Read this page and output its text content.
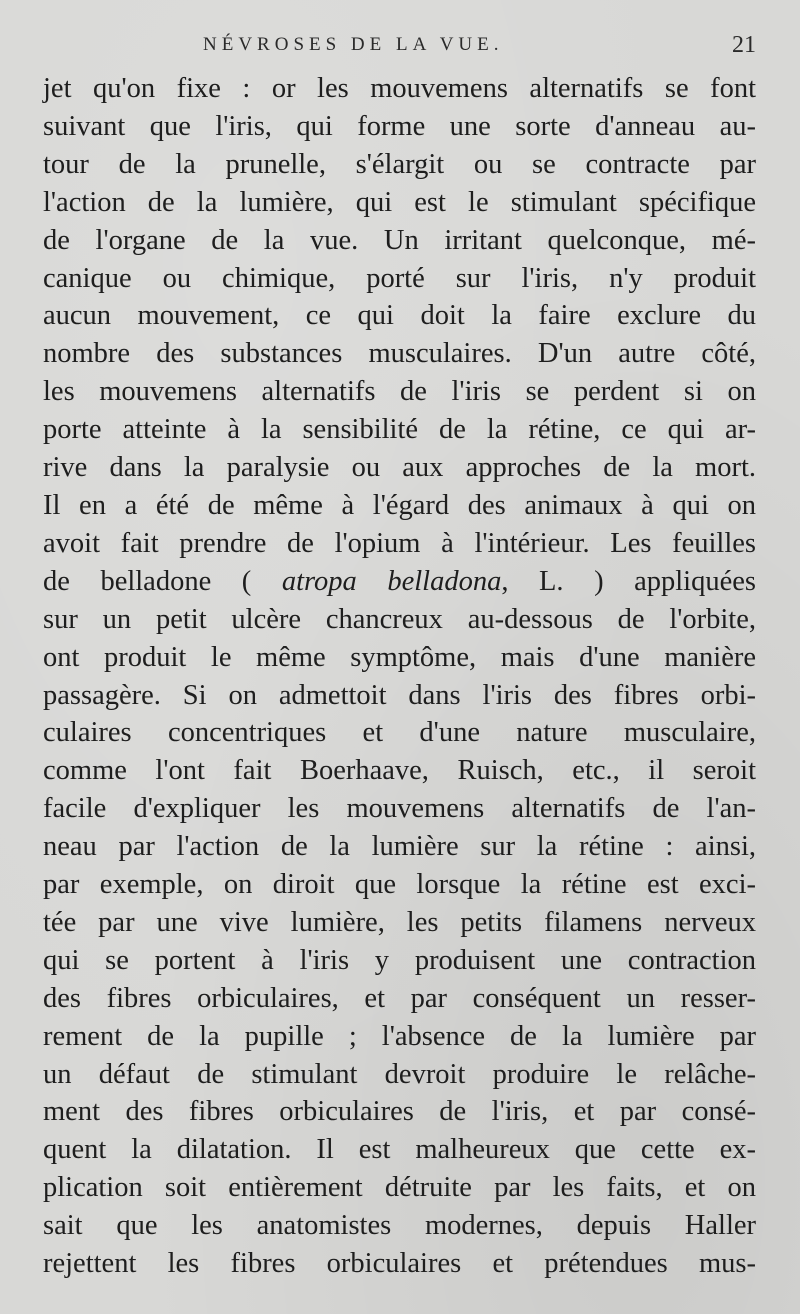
NÉVROSES DE LA VUE.	21
jet qu'on fixe : or les mouvemens alternatifs se font
suivant que l'iris, qui forme une sorte d'anneau au-
tour de la prunelle, s'élargit ou se contracte par
l'action de la lumière, qui est le stimulant spécifique
de l'organe de la vue. Un irritant quelconque, mé-
canique ou chimique, porté sur l'iris, n'y produit
aucun mouvement, ce qui doit la faire exclure du
nombre des substances musculaires. D'un autre côté,
les mouvemens alternatifs de l'iris se perdent si on
porte atteinte à la sensibilité de la rétine, ce qui ar-
rive dans la paralysie ou aux approches de la mort.
Il en a été de même à l'égard des animaux à qui on
avoit fait prendre de l'opium à l'intérieur. Les feuilles
de belladone ( atropa belladona, L. ) appliquées
sur un petit ulcère chancreux au-dessous de l'orbite,
ont produit le même symptôme, mais d'une manière
passagère. Si on admettoit dans l'iris des fibres orbi-
culaires concentriques et d'une nature musculaire,
comme l'ont fait Boerhaave, Ruisch, etc., il seroit
facile d'expliquer les mouvemens alternatifs de l'an-
neau par l'action de la lumière sur la rétine : ainsi,
par exemple, on diroit que lorsque la rétine est exci-
tée par une vive lumière, les petits filamens nerveux
qui se portent à l'iris y produisent une contraction
des fibres orbiculaires, et par conséquent un resser-
rement de la pupille ; l'absence de la lumière par
un défaut de stimulant devroit produire le relâche-
ment des fibres orbiculaires de l'iris, et par consé-
quent la dilatation. Il est malheureux que cette ex-
plication soit entièrement détruite par les faits, et on
sait que les anatomistes modernes, depuis Haller
rejettent les fibres orbiculaires et prétendues mus-
